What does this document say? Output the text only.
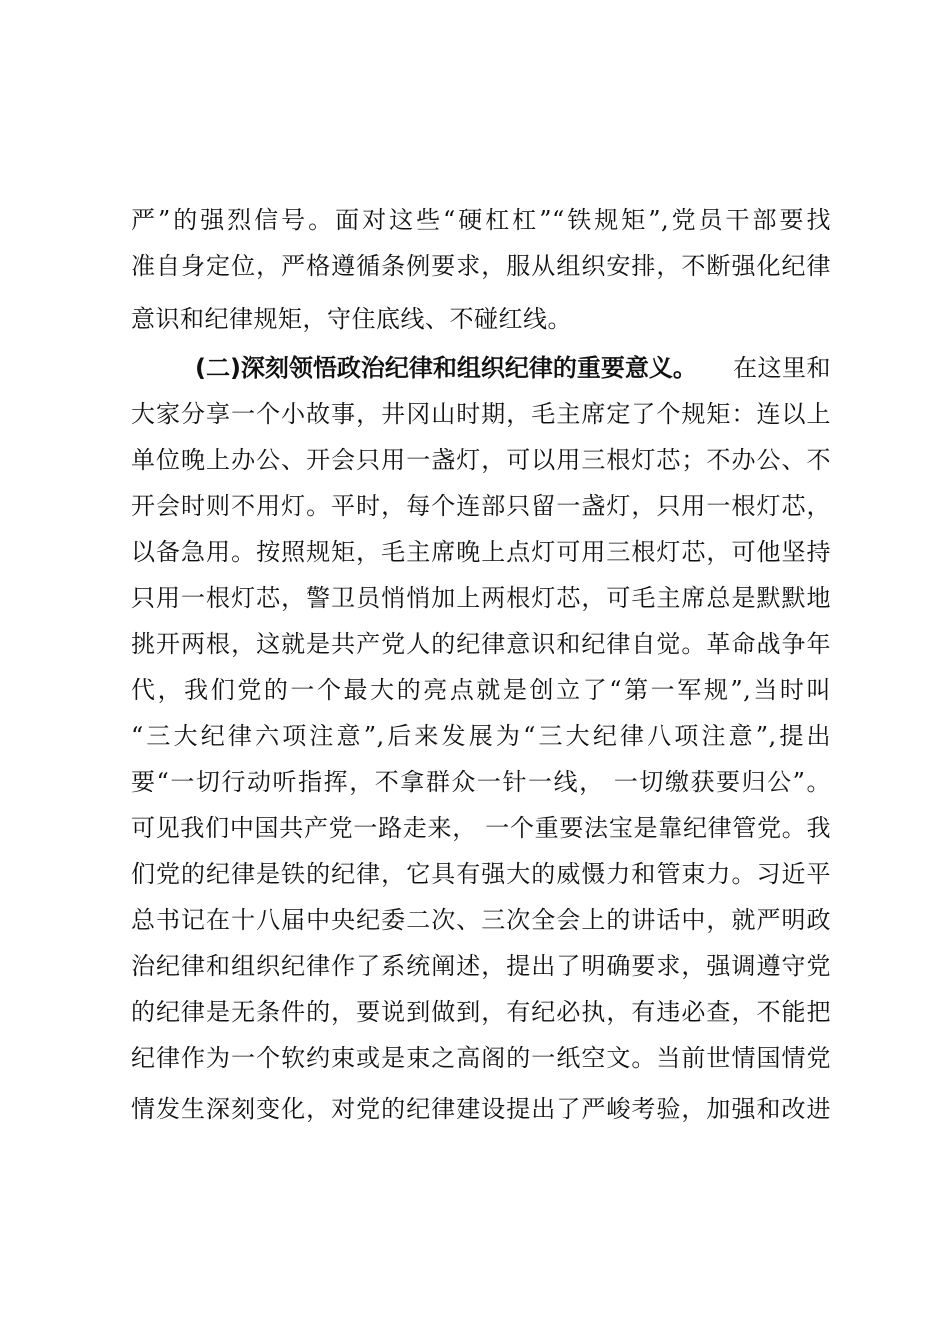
严”的强烈信号。面对这些“硬杠杠”“铁规矩”,党员干部要找
准自身定位，严格遵循条例要求，服从组织安排，不断强化纪律
意识和纪律规矩，守住底线、不碰红线。
(二)深刻领悟政治纪律和组织纪律的重要意义。 在这里和
大家分享一个小故事，井冈山时期，毛主席定了个规矩：连以上
单位晚上办公、开会只用一盏灯，可以用三根灯芯；不办公、不
开会时则不用灯。平时，每个连部只留一盏灯，只用一根灯芯，
以备急用。按照规矩，毛主席晚上点灯可用三根灯芯，可他坚持
只用一根灯芯，警卫员悄悄加上两根灯芯，可毛主席总是默默地
挑开两根，这就是共产党人的纪律意识和纪律自觉。革命战争年
代，我们党的一个最大的亮点就是创立了“第一军规”,当时叫
“三大纪律六项注意”,后来发展为“三大纪律八项注意”,提出
要“一切行动听指挥，不拿群众一针一线， 一切缴获要归公”。
可见我们中国共产党一路走来， 一个重要法宝是靠纪律管党。我
们党的纪律是铁的纪律，它具有强大的威慑力和管束力。习近平
总书记在十八届中央纪委二次、三次全会上的讲话中，就严明政
治纪律和组织纪律作了系统阐述，提出了明确要求，强调遵守党
的纪律是无条件的，要说到做到，有纪必执，有违必查，不能把
纪律作为一个软约束或是束之高阁的一纸空文。当前世情国情党
情发生深刻变化，对党的纪律建设提出了严峻考验，加强和改进
